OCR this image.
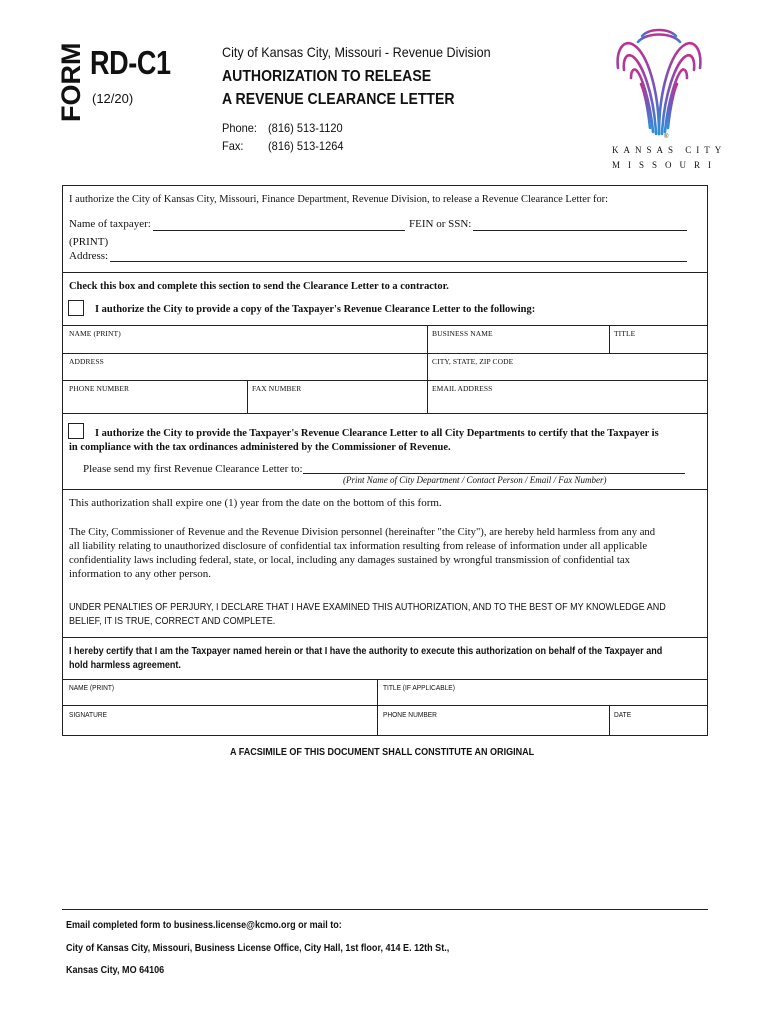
FORM RD-C1
(12/20)
City of Kansas City, Missouri - Revenue Division
AUTHORIZATION TO RELEASE
A REVENUE CLEARANCE LETTER
Phone: (816) 513-1120
Fax: (816) 513-1264
®
KANSAS CITY
MISSOURI
I authorize the City of Kansas City, Missouri, Finance Department, Revenue Division, to release a Revenue Clearance Letter for:
Name of taxpayer:	FEIN or SSN:
(PRINT)
Address:
Check this box and complete this section to send the Clearance Letter to a contractor.
I authorize the City to provide a copy of the Taxpayer's Revenue Clearance Letter to the following:
NAME (PRINT)	BUSINESS NAME	TITLE
ADDRESS	CITY, STATE, ZIP CODE
PHONE NUMBER	FAX NUMBER	EMAIL ADDRESS
I authorize the City to provide the Taxpayer's Revenue Clearance Letter to all City Departments to certify that the Taxpayer is
in compliance with the tax ordinances administered by the Commissioner of Revenue.
Please send my first Revenue Clearance Letter to:
(Print Name of City Department / Contact Person / Email / Fax Number)
This authorization shall expire one (1) year from the date on the bottom of this form.
The City, Commissioner of Revenue and the Revenue Division personnel (hereinafter "the City"), are hereby held harmless from any and
all liability relating to unauthorized disclosure of confidential tax information resulting from release of information under all applicable
confidentiality laws including federal, state, or local, including any damages sustained by wrongful transmission of confidential tax
information to any other person.
UNDER PENALTIES OF PERJURY, I DECLARE THAT I HAVE EXAMINED THIS AUTHORIZATION, AND TO THE BEST OF MY KNOWLEDGE AND
BELIEF, IT IS TRUE, CORRECT AND COMPLETE.
I hereby certify that I am the Taxpayer named herein or that I have the authority to execute this authorization on behalf of the Taxpayer and
hold harmless agreement.
NAME (PRINT)	TITLE (IF APPLICABLE)
SIGNATURE	PHONE NUMBER	DATE
A FACSIMILE OF THIS DOCUMENT SHALL CONSTITUTE AN ORIGINAL
Email completed form to business.license@kcmo.org or mail to:
City of Kansas City, Missouri, Business License Office, City Hall, 1st floor, 414 E. 12th St.,
Kansas City, MO 64106
